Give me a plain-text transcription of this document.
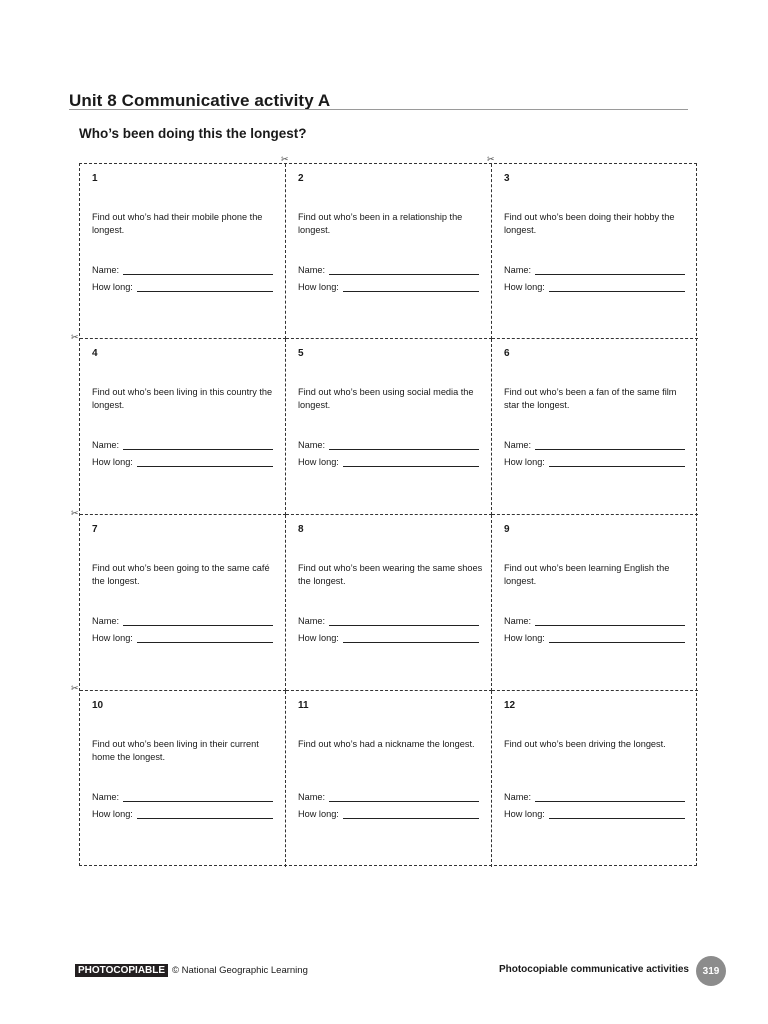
Unit 8 Communicative activity A
Who’s been doing this the longest?
✂	✂
✂
✂
✂
1
Find out who’s had their mobile phone the longest.
Name:
How long:
2
Find out who’s been in a relationship the longest.
Name:
How long:
3
Find out who’s been doing their hobby the longest.
Name:
How long:
4
Find out who’s been living in this country the longest.
Name:
How long:
5
Find out who’s been using social media the longest.
Name:
How long:
6
Find out who’s been a fan of the same film star the longest.
Name:
How long:
7
Find out who’s been going to the same café the longest.
Name:
How long:
8
Find out who’s been wearing the same shoes the longest.
Name:
How long:
9
Find out who’s been learning English the longest.
Name:
How long:
10
Find out who’s been living in their current home the longest.
Name:
How long:
11
Find out who’s had a nickname the longest.
Name:
How long:
12
Find out who’s been driving the longest.
Name:
How long:
PHOTOCOPIABLE © National Geographic Learning	Photocopiable communicative activities	319
